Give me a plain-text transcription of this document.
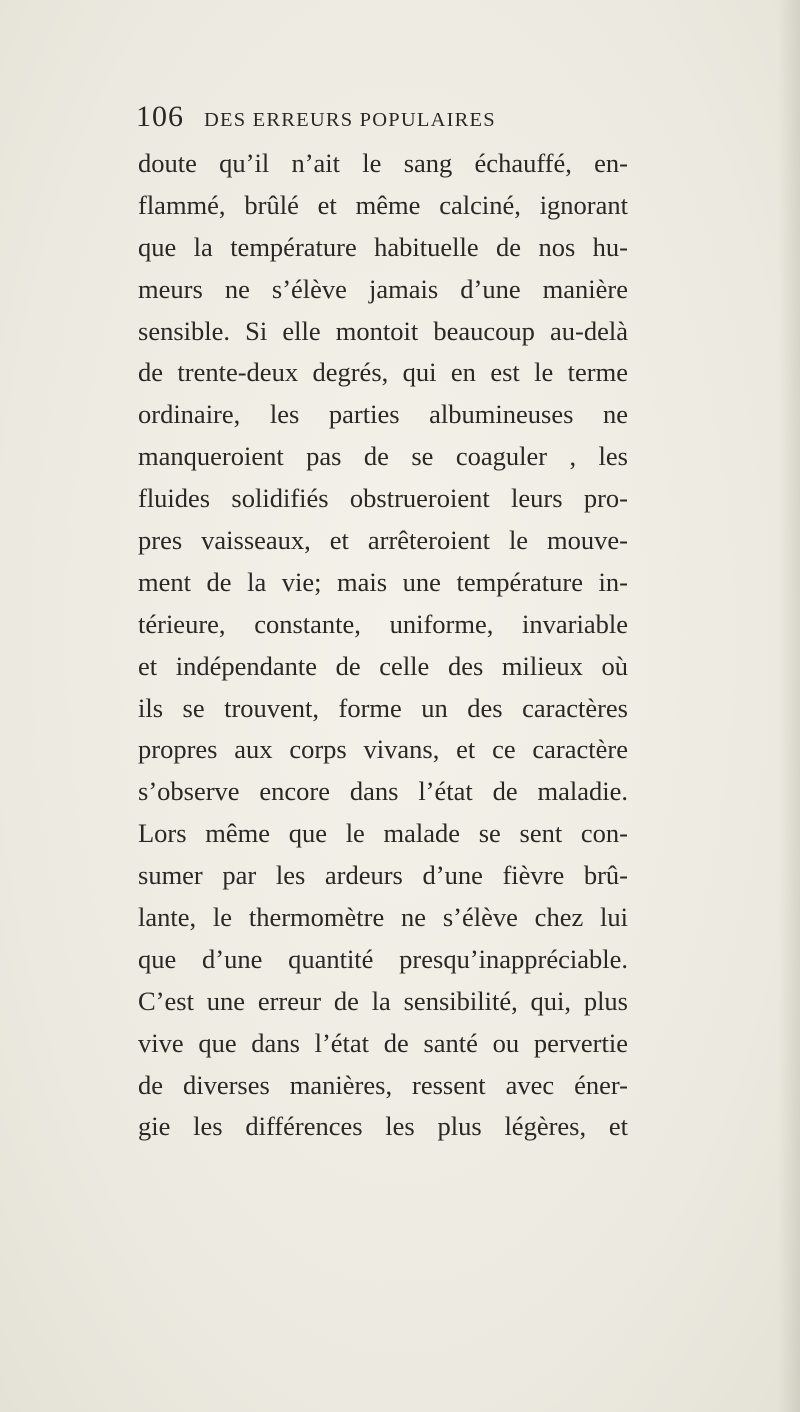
106 DES ERREURS POPULAIRES
doute qu’il n’ait le sang échauffé, en-
flammé, brûlé et même calciné, ignorant
que la température habituelle de nos hu-
meurs ne s’élève jamais d’une manière
sensible. Si elle montoit beaucoup au-delà
de trente-deux degrés, qui en est le terme
ordinaire, les parties albumineuses ne
manqueroient pas de se coaguler , les
fluides solidifiés obstrueroient leurs pro-
pres vaisseaux, et arrêteroient le mouve-
ment de la vie; mais une température in-
térieure, constante, uniforme, invariable
et indépendante de celle des milieux où
ils se trouvent, forme un des caractères
propres aux corps vivans, et ce caractère
s’observe encore dans l’état de maladie.
Lors même que le malade se sent con-
sumer par les ardeurs d’une fièvre brû-
lante, le thermomètre ne s’élève chez lui
que d’une quantité presqu’inappréciable.
C’est une erreur de la sensibilité, qui, plus
vive que dans l’état de santé ou pervertie
de diverses manières, ressent avec éner-
gie les différences les plus légères, et
